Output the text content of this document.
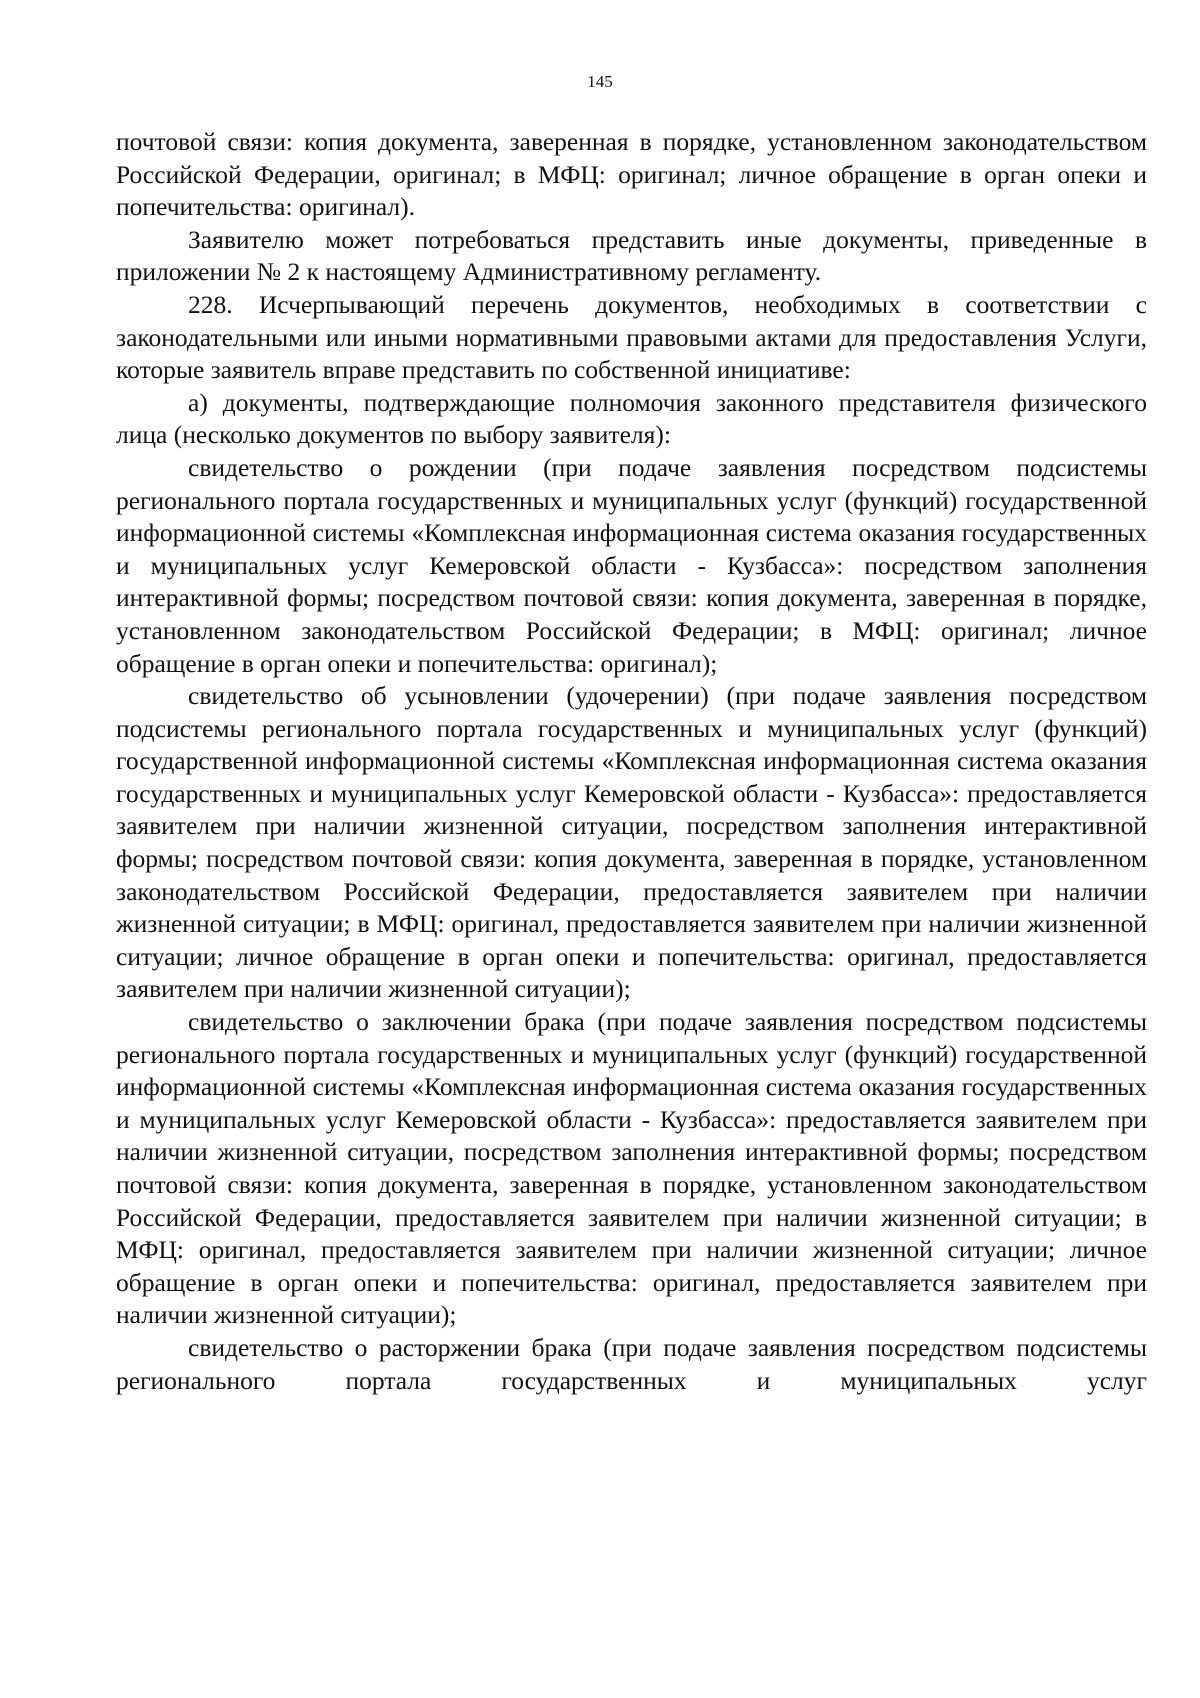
145

почтовой связи: копия документа, заверенная в порядке, установленном законодательством Российской Федерации, оригинал; в МФЦ: оригинал; личное обращение в орган опеки и попечительства: оригинал).

Заявителю может потребоваться представить иные документы, приведенные в приложении № 2 к настоящему Административному регламенту.

228. Исчерпывающий перечень документов, необходимых в соответствии с законодательными или иными нормативными правовыми актами для предоставления Услуги, которые заявитель вправе представить по собственной инициативе:

а) документы, подтверждающие полномочия законного представителя физического лица (несколько документов по выбору заявителя):

свидетельство о рождении (при подаче заявления посредством подсистемы регионального портала государственных и муниципальных услуг (функций) государственной информационной системы «Комплексная информационная система оказания государственных и муниципальных услуг Кемеровской области - Кузбасса»: посредством заполнения интерактивной формы; посредством почтовой связи: копия документа, заверенная в порядке, установленном законодательством Российской Федерации; в МФЦ: оригинал; личное обращение в орган опеки и попечительства: оригинал);

свидетельство об усыновлении (удочерении) (при подаче заявления посредством подсистемы регионального портала государственных и муниципальных услуг (функций) государственной информационной системы «Комплексная информационная система оказания государственных и муниципальных услуг Кемеровской области - Кузбасса»: предоставляется заявителем при наличии жизненной ситуации, посредством заполнения интерактивной формы; посредством почтовой связи: копия документа, заверенная в порядке, установленном законодательством Российской Федерации, предоставляется заявителем при наличии жизненной ситуации; в МФЦ: оригинал, предоставляется заявителем при наличии жизненной ситуации; личное обращение в орган опеки и попечительства: оригинал, предоставляется заявителем при наличии жизненной ситуации);

свидетельство о заключении брака (при подаче заявления посредством подсистемы регионального портала государственных и муниципальных услуг (функций) государственной информационной системы «Комплексная информационная система оказания государственных и муниципальных услуг Кемеровской области - Кузбасса»: предоставляется заявителем при наличии жизненной ситуации, посредством заполнения интерактивной формы; посредством почтовой связи: копия документа, заверенная в порядке, установленном законодательством Российской Федерации, предоставляется заявителем при наличии жизненной ситуации; в МФЦ: оригинал, предоставляется заявителем при наличии жизненной ситуации; личное обращение в орган опеки и попечительства: оригинал, предоставляется заявителем при наличии жизненной ситуации);

свидетельство о расторжении брака (при подаче заявления посредством подсистемы регионального портала государственных и муниципальных услуг
